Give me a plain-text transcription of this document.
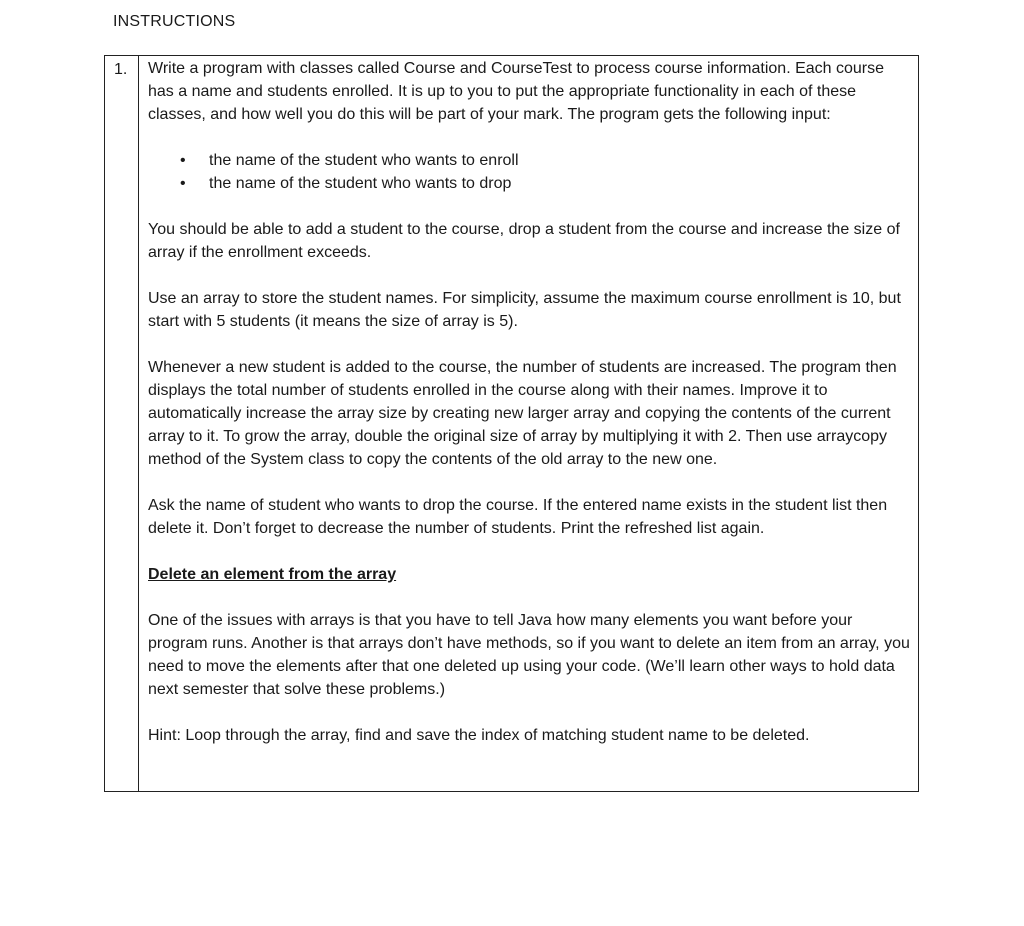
INSTRUCTIONS
1. Write a program with classes called Course and CourseTest to process course information. Each course has a name and students enrolled. It is up to you to put the appropriate functionality in each of these classes, and how well you do this will be part of your mark. The program gets the following input:

• the name of the student who wants to enroll
• the name of the student who wants to drop

You should be able to add a student to the course, drop a student from the course and increase the size of array if the enrollment exceeds.

Use an array to store the student names. For simplicity, assume the maximum course enrollment is 10, but start with 5 students (it means the size of array is 5).

Whenever a new student is added to the course, the number of students are increased. The program then displays the total number of students enrolled in the course along with their names. Improve it to automatically increase the array size by creating new larger array and copying the contents of the current array to it. To grow the array, double the original size of array by multiplying it with 2. Then use arraycopy method of the System class to copy the contents of the old array to the new one.

Ask the name of student who wants to drop the course. If the entered name exists in the student list then delete it. Don’t forget to decrease the number of students. Print the refreshed list again.

Delete an element from the array

One of the issues with arrays is that you have to tell Java how many elements you want before your program runs. Another is that arrays don’t have methods, so if you want to delete an item from an array, you need to move the elements after that one deleted up using your code. (We’ll learn other ways to hold data next semester that solve these problems.)

Hint: Loop through the array, find and save the index of matching student name to be deleted.
